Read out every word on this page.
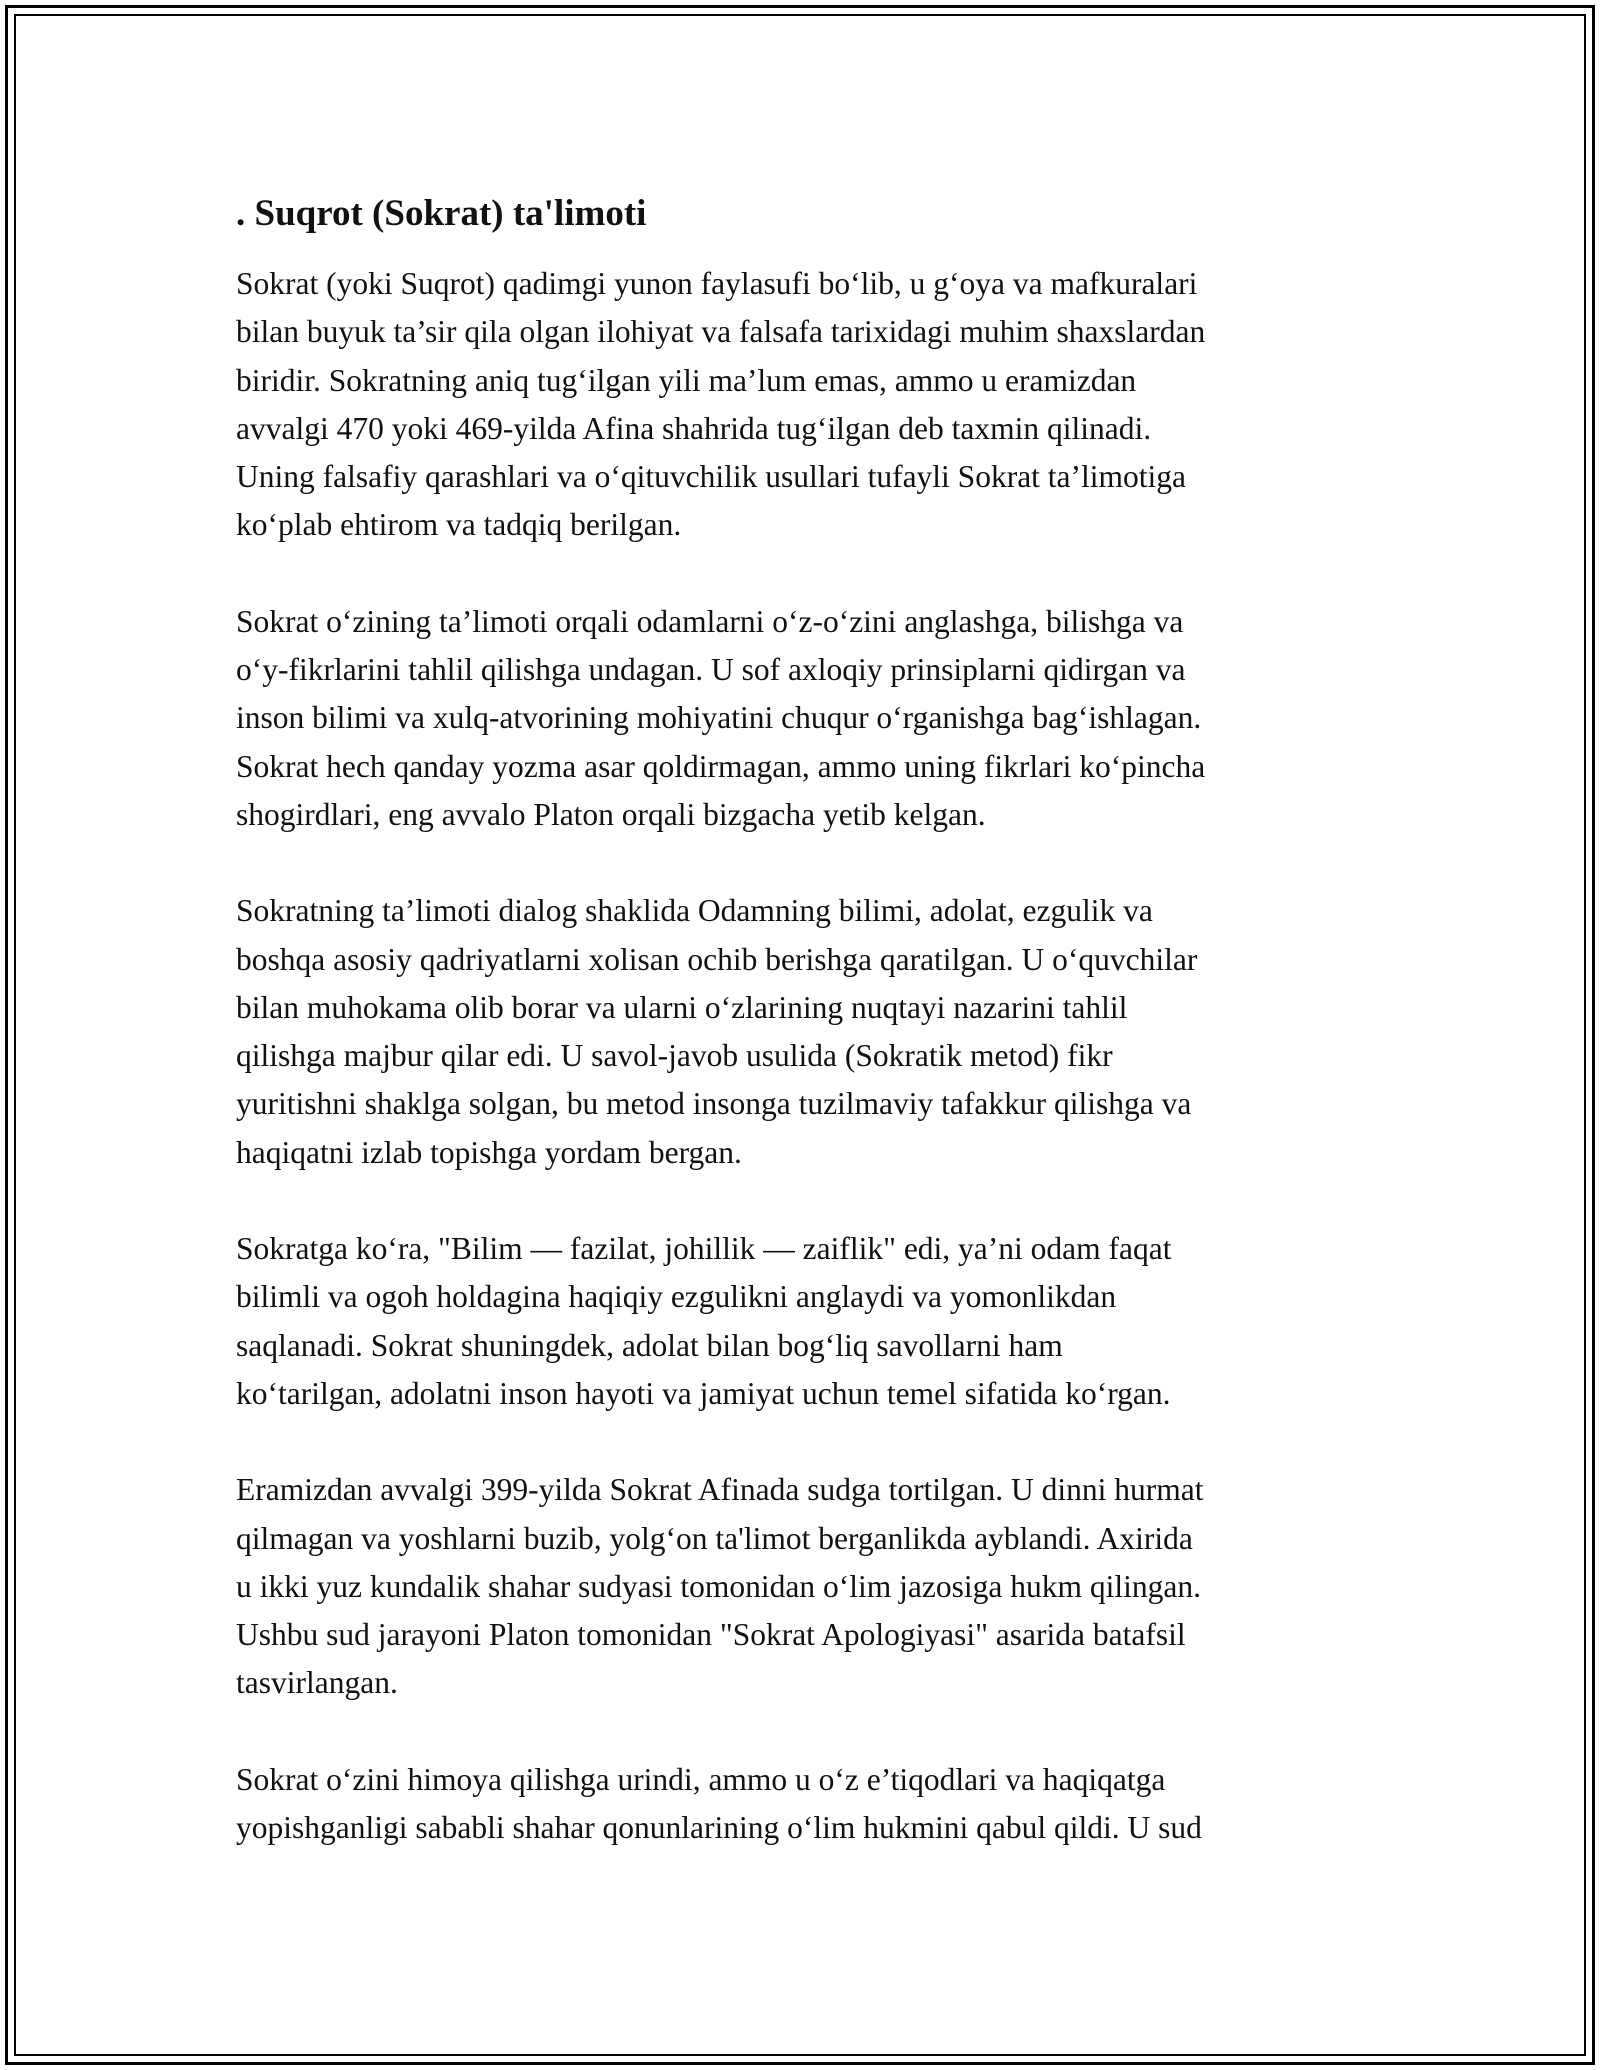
. Suqrot (Sokrat) ta'limoti

Sokrat (yoki Suqrot) qadimgi yunon faylasufi bo‘lib, u g‘oya va mafkuralari
bilan buyuk ta’sir qila olgan ilohiyat va falsafa tarixidagi muhim shaxslardan
biridir. Sokratning aniq tug‘ilgan yili ma’lum emas, ammo u eramizdan
avvalgi 470 yoki 469-yilda Afina shahrida tug‘ilgan deb taxmin qilinadi.
Uning falsafiy qarashlari va o‘qituvchilik usullari tufayli Sokrat ta’limotiga
ko‘plab ehtirom va tadqiq berilgan.

Sokrat o‘zining ta’limoti orqali odamlarni o‘z-o‘zini anglashga, bilishga va
o‘y-fikrlarini tahlil qilishga undagan. U sof axloqiy prinsiplarni qidirgan va
inson bilimi va xulq-atvorining mohiyatini chuqur o‘rganishga bag‘ishlagan.
Sokrat hech qanday yozma asar qoldirmagan, ammo uning fikrlari ko‘pincha
shogirdlari, eng avvalo Platon orqali bizgacha yetib kelgan.

Sokratning ta’limoti dialog shaklida Odamning bilimi, adolat, ezgulik va
boshqa asosiy qadriyatlarni xolisan ochib berishga qaratilgan. U o‘quvchilar
bilan muhokama olib borar va ularni o‘zlarining nuqtayi nazarini tahlil
qilishga majbur qilar edi. U savol-javob usulida (Sokratik metod) fikr
yuritishni shaklga solgan, bu metod insonga tuzilmaviy tafakkur qilishga va
haqiqatni izlab topishga yordam bergan.

Sokratga ko‘ra, "Bilim — fazilat, johillik — zaiflik" edi, ya’ni odam faqat
bilimli va ogoh holdagina haqiqiy ezgulikni anglaydi va yomonlikdan
saqlanadi. Sokrat shuningdek, adolat bilan bog‘liq savollarni ham
ko‘tarilgan, adolatni inson hayoti va jamiyat uchun temel sifatida ko‘rgan.

Eramizdan avvalgi 399-yilda Sokrat Afinada sudga tortilgan. U dinni hurmat
qilmagan va yoshlarni buzib, yolg‘on ta'limot berganlikda ayblandi. Axirida
u ikki yuz kundalik shahar sudyasi tomonidan o‘lim jazosiga hukm qilingan.
Ushbu sud jarayoni Platon tomonidan "Sokrat Apologiyasi" asarida batafsil
tasvirlangan.

Sokrat o‘zini himoya qilishga urindi, ammo u o‘z e’tiqodlari va haqiqatga
yopishganligi sababli shahar qonunlarining o‘lim hukmini qabul qildi. U sud
